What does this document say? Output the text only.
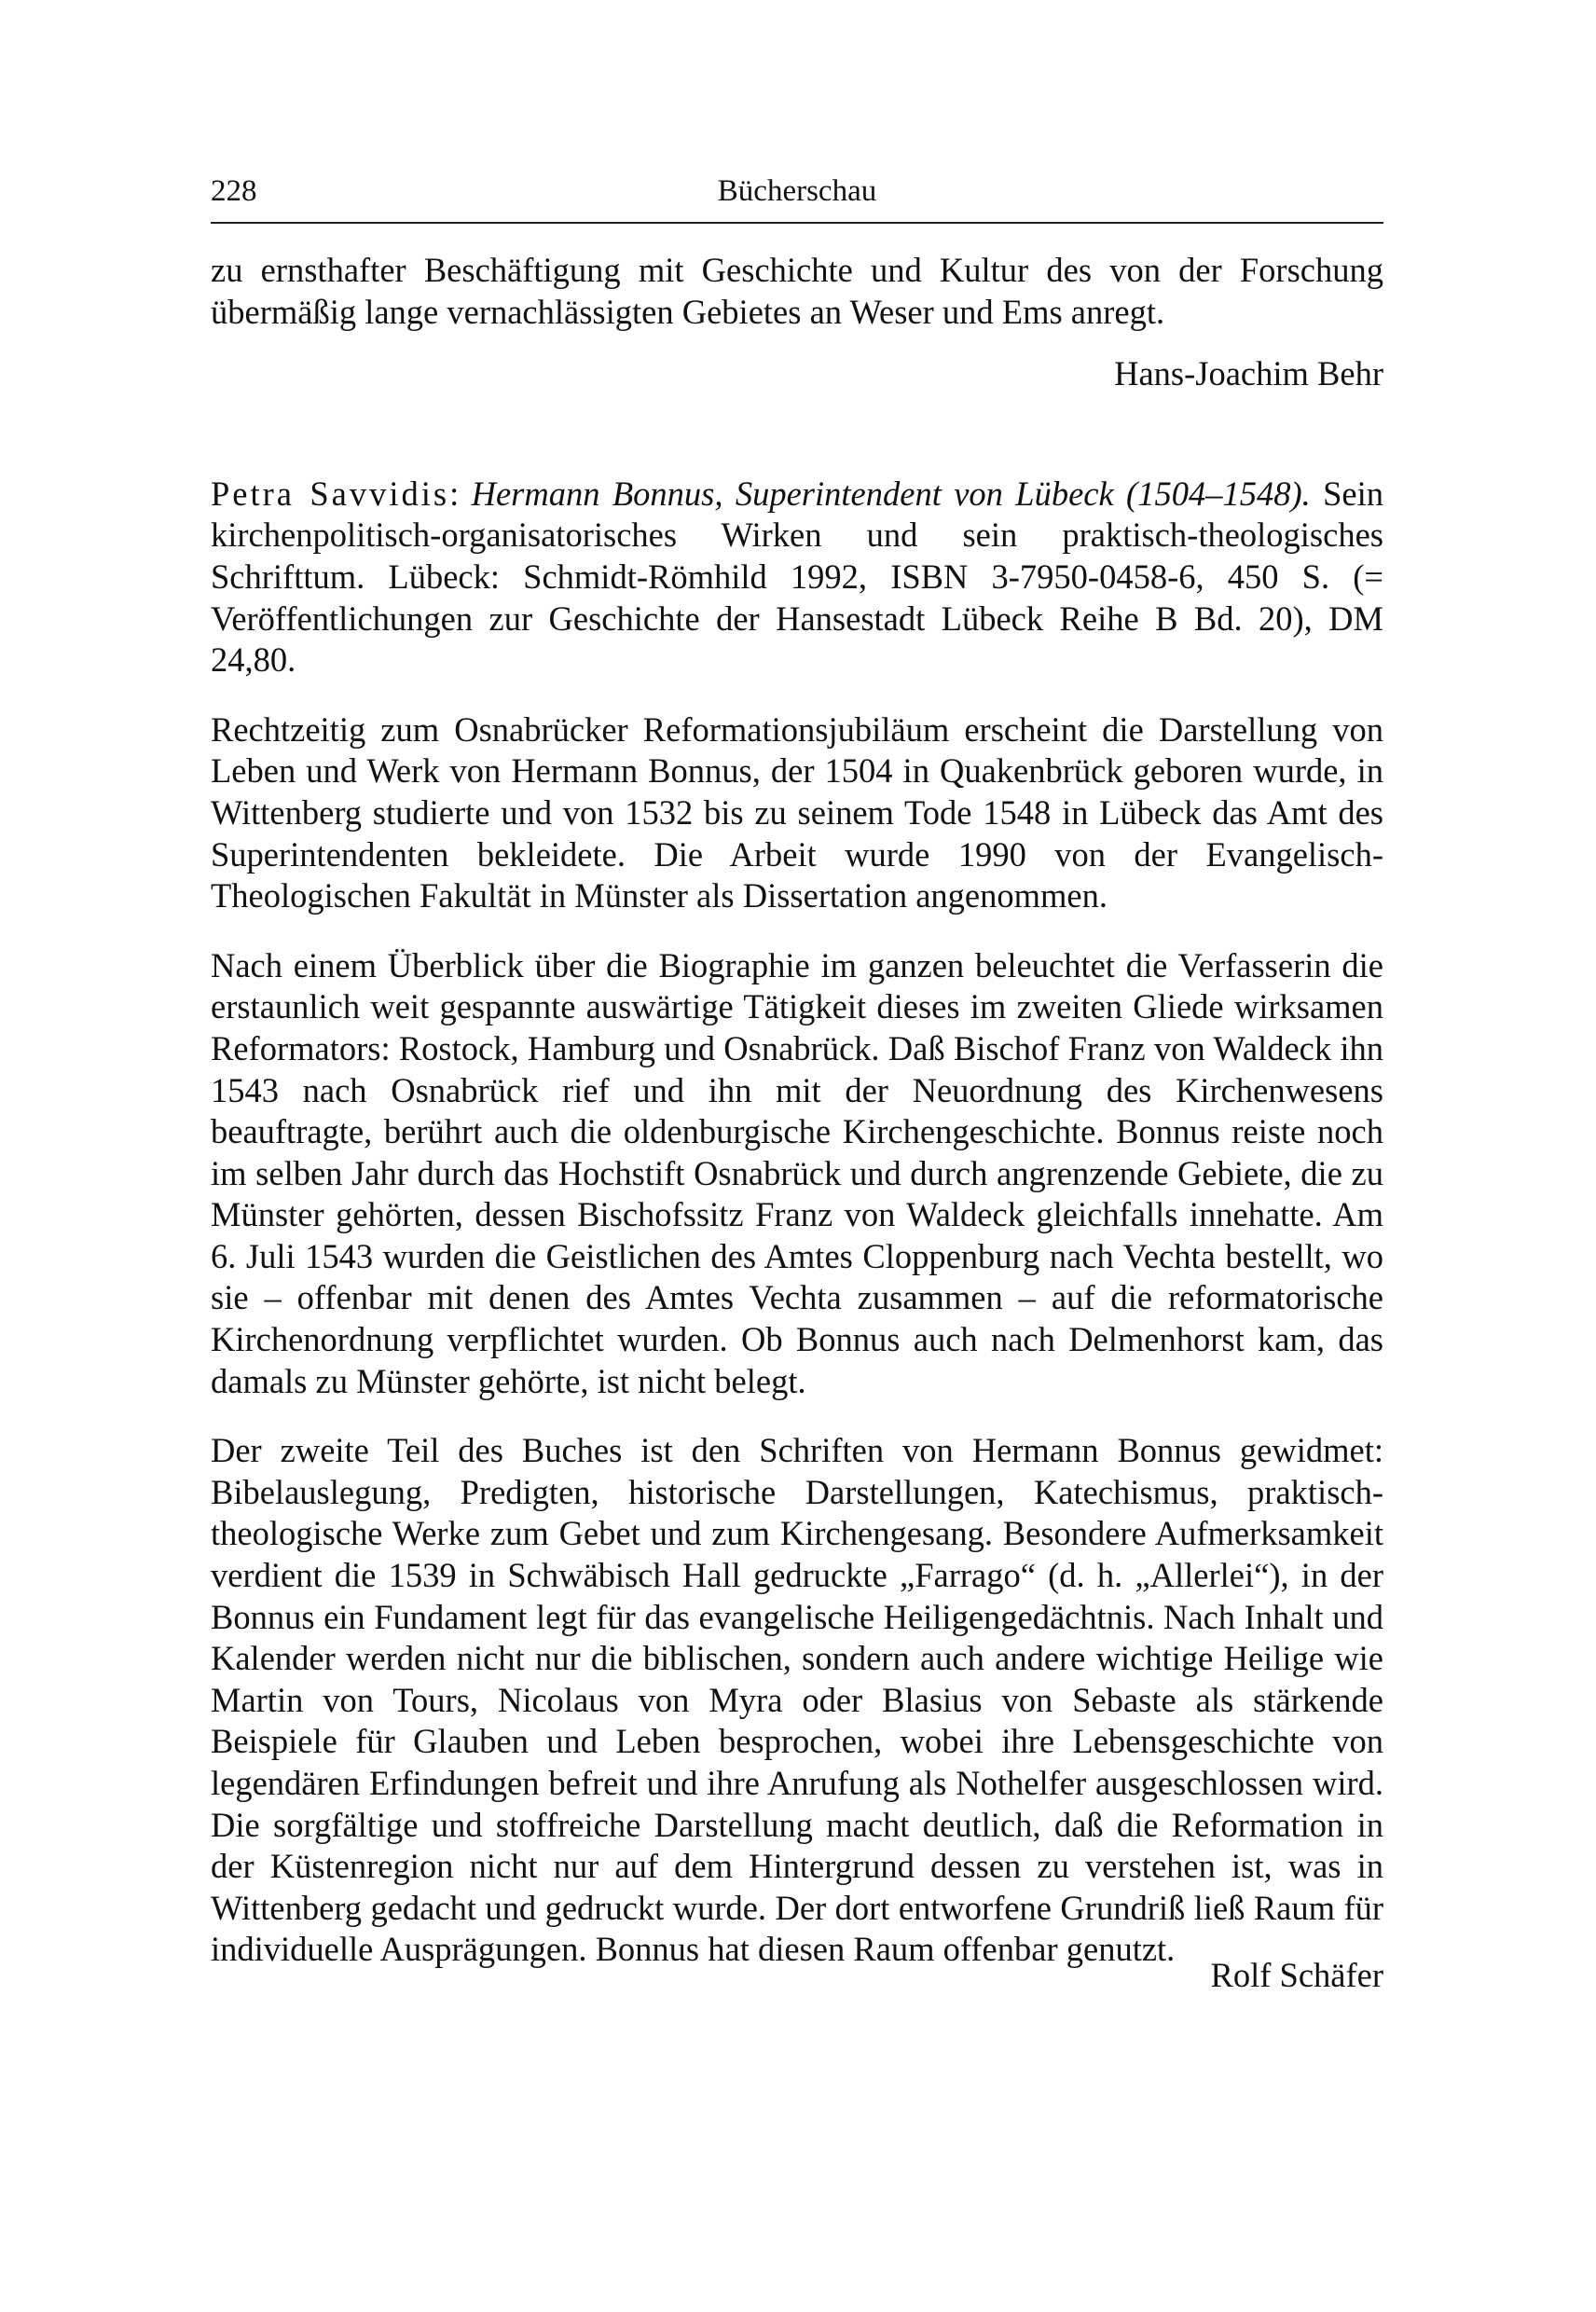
228	Bücherschau

zu ernsthafter Beschäftigung mit Geschichte und Kultur des von der Forschung übermäßig lange vernachlässigten Gebietes an Weser und Ems anregt.

Hans-Joachim Behr

Petra Savvidis: Hermann Bonnus, Superintendent von Lübeck (1504–1548). Sein kirchenpolitisch-organisatorisches Wirken und sein praktisch-theologisches Schrifttum. Lübeck: Schmidt-Römhild 1992, ISBN 3-7950-0458-6, 450 S. (= Veröffentlichungen zur Geschichte der Hansestadt Lübeck Reihe B Bd. 20), DM 24,80.

Rechtzeitig zum Osnabrücker Reformationsjubiläum erscheint die Darstellung von Leben und Werk von Hermann Bonnus, der 1504 in Quakenbrück geboren wurde, in Wittenberg studierte und von 1532 bis zu seinem Tode 1548 in Lübeck das Amt des Superintendenten bekleidete. Die Arbeit wurde 1990 von der Evangelisch-Theologischen Fakultät in Münster als Dissertation angenommen.

Nach einem Überblick über die Biographie im ganzen beleuchtet die Verfasserin die erstaunlich weit gespannte auswärtige Tätigkeit dieses im zweiten Gliede wirksamen Reformators: Rostock, Hamburg und Osnabrück. Daß Bischof Franz von Waldeck ihn 1543 nach Osnabrück rief und ihn mit der Neuordnung des Kirchenwesens beauftragte, berührt auch die oldenburgische Kirchengeschichte. Bonnus reiste noch im selben Jahr durch das Hochstift Osnabrück und durch angrenzende Gebiete, die zu Münster gehörten, dessen Bischofssitz Franz von Waldeck gleichfalls innehatte. Am 6. Juli 1543 wurden die Geistlichen des Amtes Cloppenburg nach Vechta bestellt, wo sie – offenbar mit denen des Amtes Vechta zusammen – auf die reformatorische Kirchenordnung verpflichtet wurden. Ob Bonnus auch nach Delmenhorst kam, das damals zu Münster gehörte, ist nicht belegt.

Der zweite Teil des Buches ist den Schriften von Hermann Bonnus gewidmet: Bibelauslegung, Predigten, historische Darstellungen, Katechismus, praktisch-theologische Werke zum Gebet und zum Kirchengesang. Besondere Aufmerksamkeit verdient die 1539 in Schwäbisch Hall gedruckte „Farrago“ (d. h. „Allerlei“), in der Bonnus ein Fundament legt für das evangelische Heiligengedächtnis. Nach Inhalt und Kalender werden nicht nur die biblischen, sondern auch andere wichtige Heilige wie Martin von Tours, Nicolaus von Myra oder Blasius von Sebaste als stärkende Beispiele für Glauben und Leben besprochen, wobei ihre Lebensgeschichte von legendären Erfindungen befreit und ihre Anrufung als Nothelfer ausgeschlossen wird. Die sorgfältige und stoffreiche Darstellung macht deutlich, daß die Reformation in der Küstenregion nicht nur auf dem Hintergrund dessen zu verstehen ist, was in Wittenberg gedacht und gedruckt wurde. Der dort entworfene Grundriß ließ Raum für individuelle Ausprägungen. Bonnus hat diesen Raum offenbar genutzt.

Rolf Schäfer
